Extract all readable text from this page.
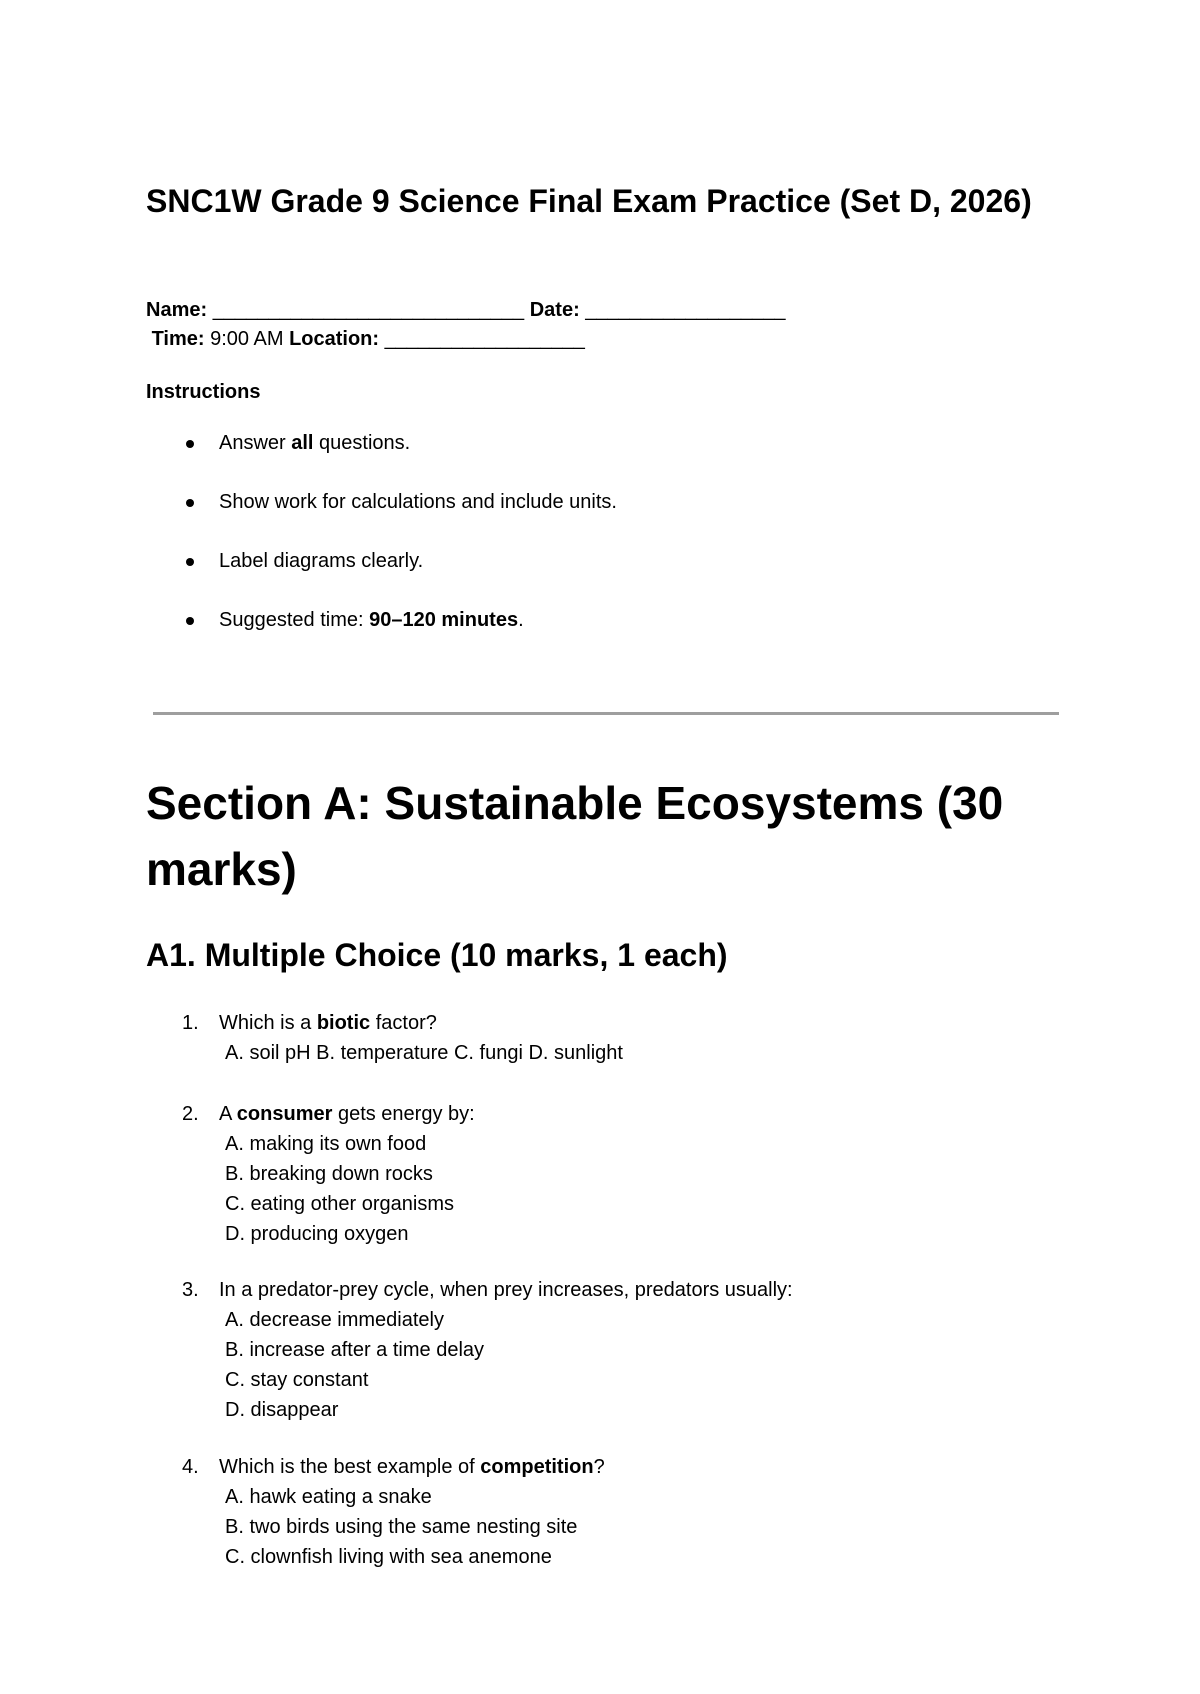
SNC1W Grade 9 Science Final Exam Practice (Set D, 2026)
Name: ____________________________ Date: __________________
Time: 9:00 AM Location: __________________
Instructions
Answer all questions.
Show work for calculations and include units.
Label diagrams clearly.
Suggested time: 90–120 minutes.
Section A: Sustainable Ecosystems (30 marks)
A1. Multiple Choice (10 marks, 1 each)
1.	Which is a biotic factor?
A. soil pH B. temperature C. fungi D. sunlight
2.	A consumer gets energy by:
A. making its own food
B. breaking down rocks
C. eating other organisms
D. producing oxygen
3.	In a predator-prey cycle, when prey increases, predators usually:
A. decrease immediately
B. increase after a time delay
C. stay constant
D. disappear
4.	Which is the best example of competition?
A. hawk eating a snake
B. two birds using the same nesting site
C. clownfish living with sea anemone
